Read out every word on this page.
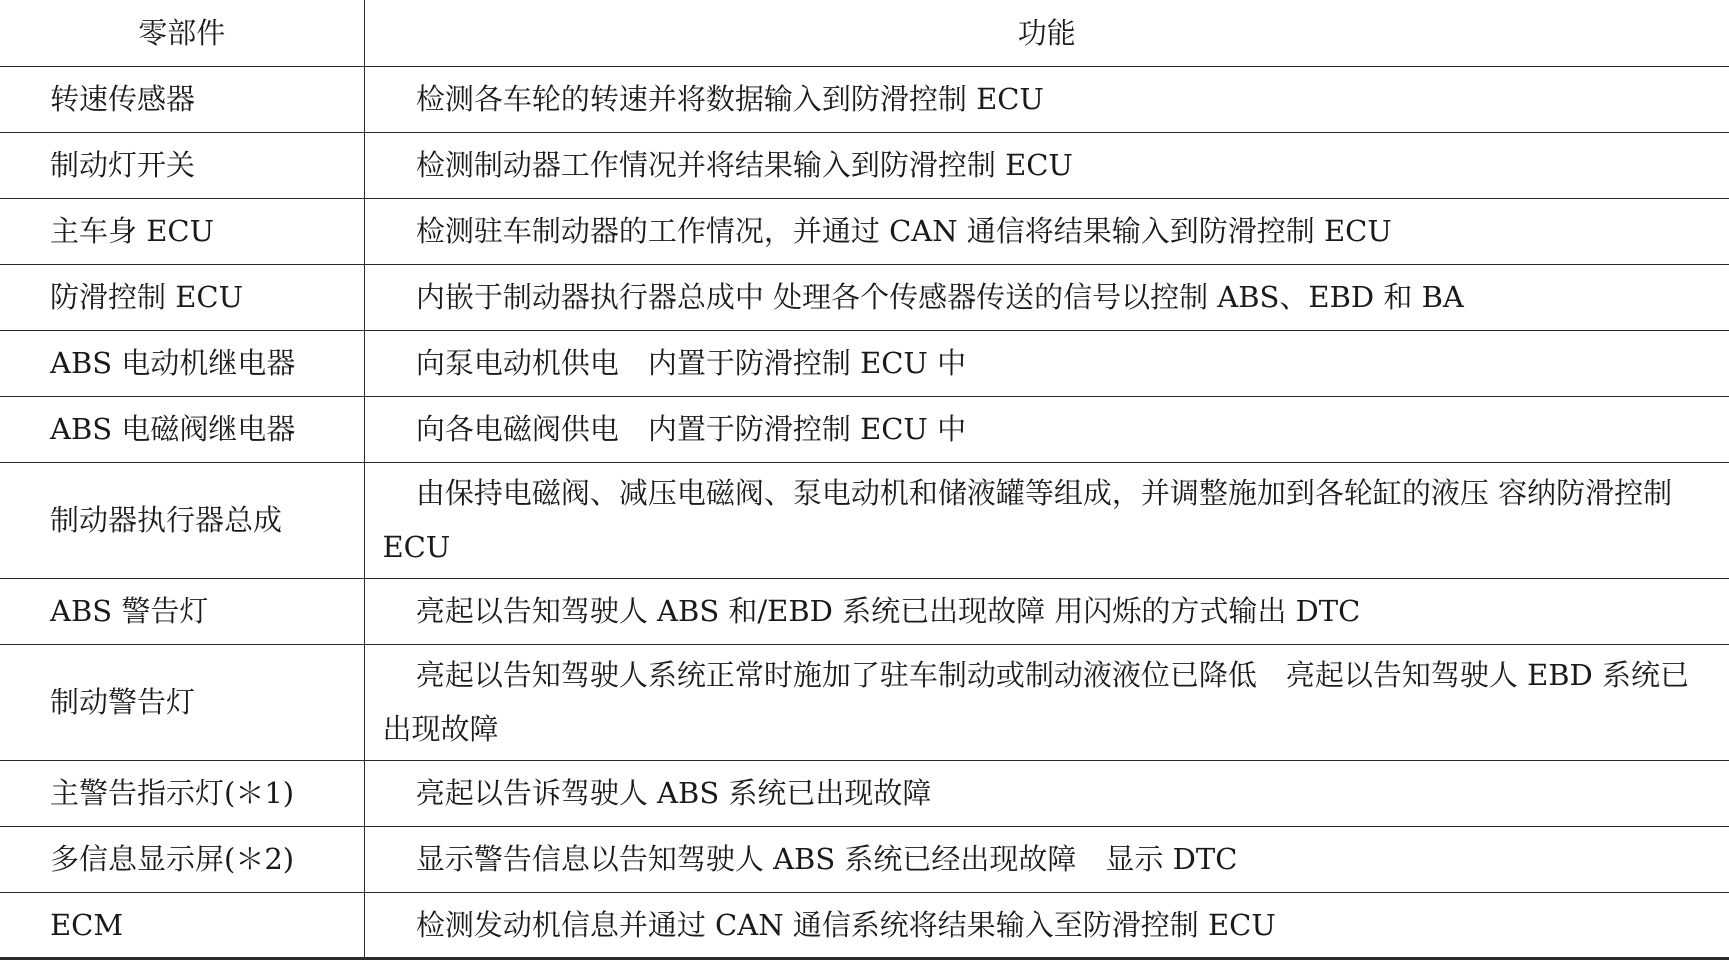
零部件	功能
转速传感器	检测各车轮的转速并将数据输入到防滑控制 ECU
制动灯开关	检测制动器工作情况并将结果输入到防滑控制 ECU
主车身 ECU	检测驻车制动器的工作情况，并通过 CAN 通信将结果输入到防滑控制 ECU
防滑控制 ECU	内嵌于制动器执行器总成中 处理各个传感器传送的信号以控制 ABS、EBD 和 BA
ABS 电动机继电器	向泵电动机供电　内置于防滑控制 ECU 中
ABS 电磁阀继电器	向各电磁阀供电　内置于防滑控制 ECU 中
制动器执行器总成	由保持电磁阀、减压电磁阀、泵电动机和储液罐等组成，并调整施加到各轮缸的液压 容纳防滑控制 ECU
ABS 警告灯	亮起以告知驾驶人 ABS 和/EBD 系统已出现故障 用闪烁的方式输出 DTC
制动警告灯	亮起以告知驾驶人系统正常时施加了驻车制动或制动液液位已降低　亮起以告知驾驶人 EBD 系统已出现故障
主警告指示灯(＊1)	亮起以告诉驾驶人 ABS 系统已出现故障
多信息显示屏(＊2)	显示警告信息以告知驾驶人 ABS 系统已经出现故障　显示 DTC
ECM	检测发动机信息并通过 CAN 通信系统将结果输入至防滑控制 ECU
